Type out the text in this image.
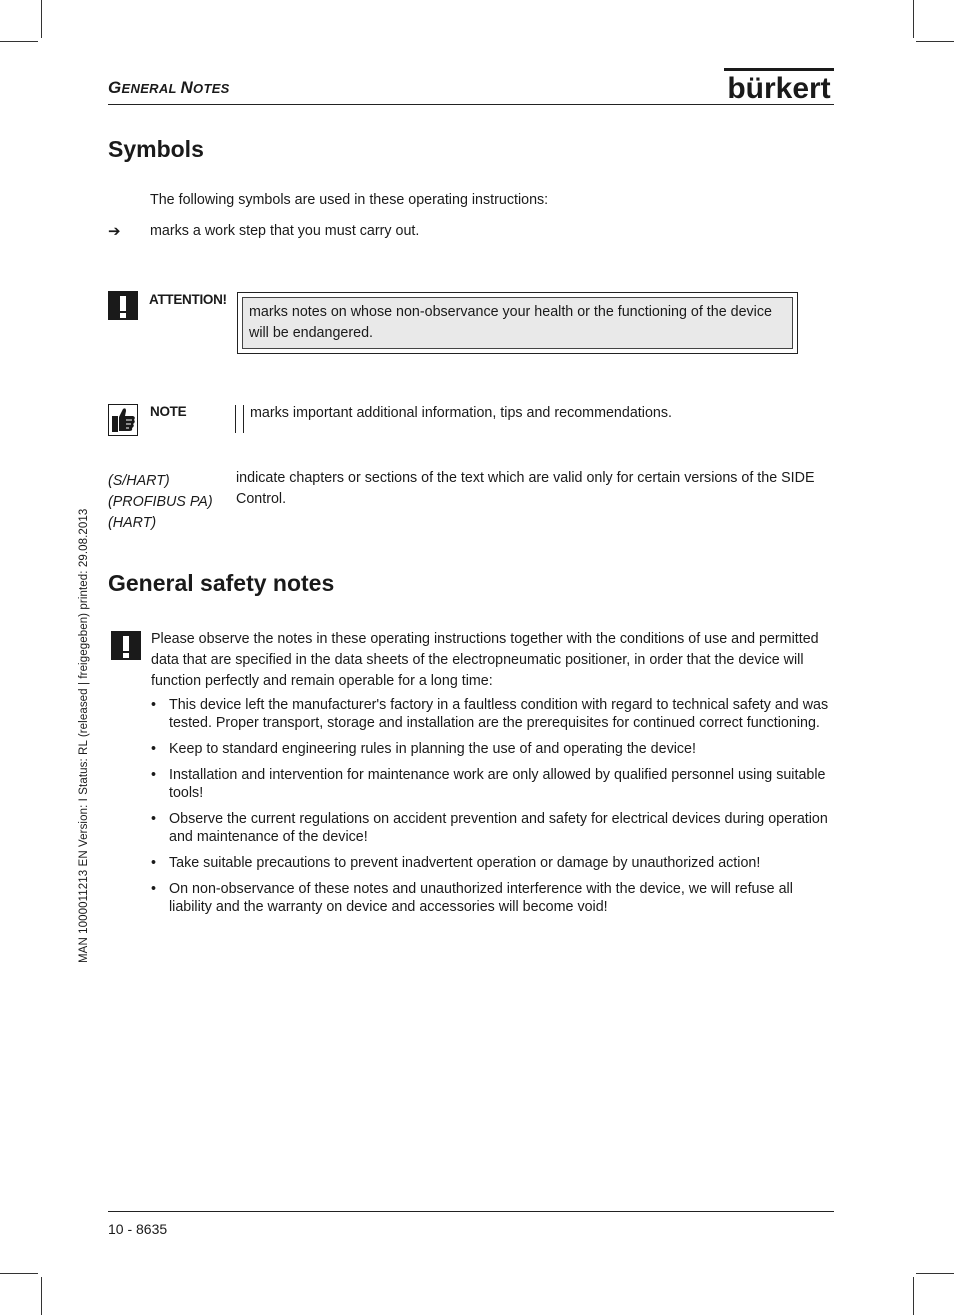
GENERAL NOTES	bürkert
Symbols
The following symbols are used in these operating instructions:
➔ marks a work step that you must carry out.
ATTENTION!
marks notes on whose non-observance your health or the functioning of the device will be endangered.
NOTE	marks important additional information, tips and recommendations.
(S/HART)
(PROFIBUS PA)
(HART)
indicate chapters or sections of the text which are valid only for certain versions of the SIDE Control.
General safety notes
Please observe the notes in these operating instructions together with the conditions of use and permitted data that are specified in the data sheets of the electropneumatic positioner, in order that the device will function perfectly and remain operable for a long time:
• This device left the manufacturer's factory in a faultless condition with regard to technical safety and was tested. Proper transport, storage and installation are the prerequisites for continued correct functioning.
• Keep to standard engineering rules in planning the use of and operating the device!
• Installation and intervention for maintenance work are only allowed by qualified personnel using suitable tools!
• Observe the current regulations on accident prevention and safety for electrical devices during operation and maintenance of the device!
• Take suitable precautions to prevent inadvertent operation or damage by unauthorized action!
• On non-observance of these notes and unauthorized interference with the device, we will refuse all liability and the warranty on device and accessories will become void!
MAN 1000011213 EN Version: I Status: RL (released | freigegeben) printed: 29.08.2013
10 - 8635
